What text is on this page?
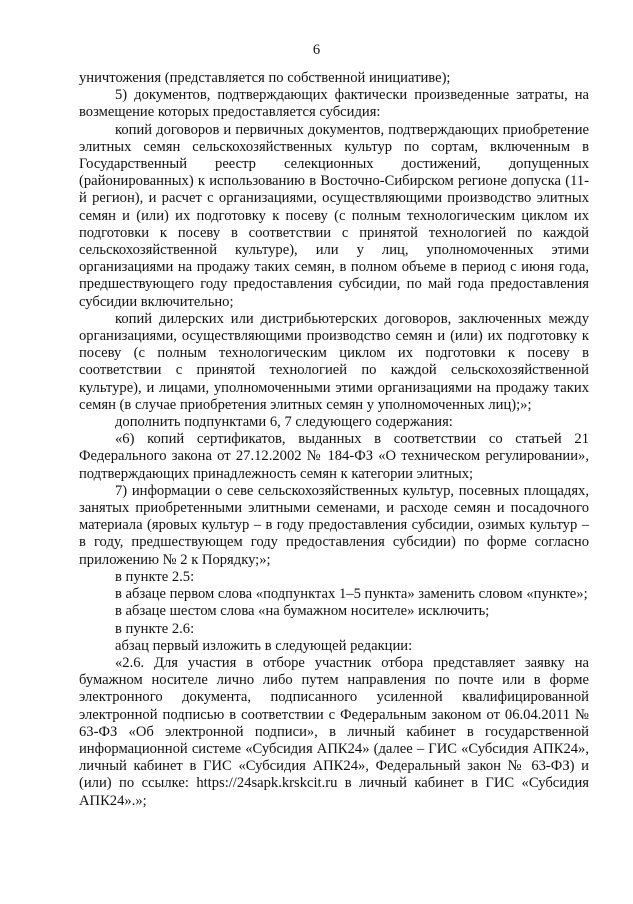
6

уничтожения (представляется по собственной инициативе);

5) документов, подтверждающих фактически произведенные затраты, на возмещение которых предоставляется субсидия:

копий договоров и первичных документов, подтверждающих приобретение элитных семян сельскохозяйственных культур по сортам, включенным в Государственный реестр селекционных достижений, допущенных (районированных) к использованию в Восточно-Сибирском регионе допуска (11-й регион), и расчет с организациями, осуществляющими производство элитных семян и (или) их подготовку к посеву (с полным технологическим циклом их подготовки к посеву в соответствии с принятой технологией по каждой сельскохозяйственной культуре), или у лиц, уполномоченных этими организациями на продажу таких семян, в полном объеме в период с июня года, предшествующего году предоставления субсидии, по май года предоставления субсидии включительно;

копий дилерских или дистрибьютерских договоров, заключенных между организациями, осуществляющими производство семян и (или) их подготовку к посеву (с полным технологическим циклом их подготовки к посеву в соответствии с принятой технологией по каждой сельскохозяйственной культуре), и лицами, уполномоченными этими организациями на продажу таких семян (в случае приобретения элитных семян у уполномоченных лиц);»;

дополнить подпунктами 6, 7 следующего содержания:

«6) копий сертификатов, выданных в соответствии со статьей 21 Федерального закона от 27.12.2002 № 184-ФЗ «О техническом регулировании», подтверждающих принадлежность семян к категории элитных;

7) информации о севе сельскохозяйственных культур, посевных площадях, занятых приобретенными элитными семенами, и расходе семян и посадочного материала (яровых культур – в году предоставления субсидии, озимых культур – в году, предшествующем году предоставления субсидии) по форме согласно приложению № 2 к Порядку;»;

в пункте 2.5:

в абзаце первом слова «подпунктах 1–5 пункта» заменить словом «пункте»;

в абзаце шестом слова «на бумажном носителе» исключить;

в пункте 2.6:

абзац первый изложить в следующей редакции:

«2.6. Для участия в отборе участник отбора представляет заявку на бумажном носителе лично либо путем направления по почте или в форме электронного документа, подписанного усиленной квалифицированной электронной подписью в соответствии с Федеральным законом от 06.04.2011 № 63-ФЗ «Об электронной подписи», в личный кабинет в государственной информационной системе «Субсидия АПК24» (далее – ГИС «Субсидия АПК24», личный кабинет в ГИС «Субсидия АПК24», Федеральный закон № 63-ФЗ) и (или) по ссылке: https://24sapk.krskcit.ru в личный кабинет в ГИС «Субсидия АПК24».»;
